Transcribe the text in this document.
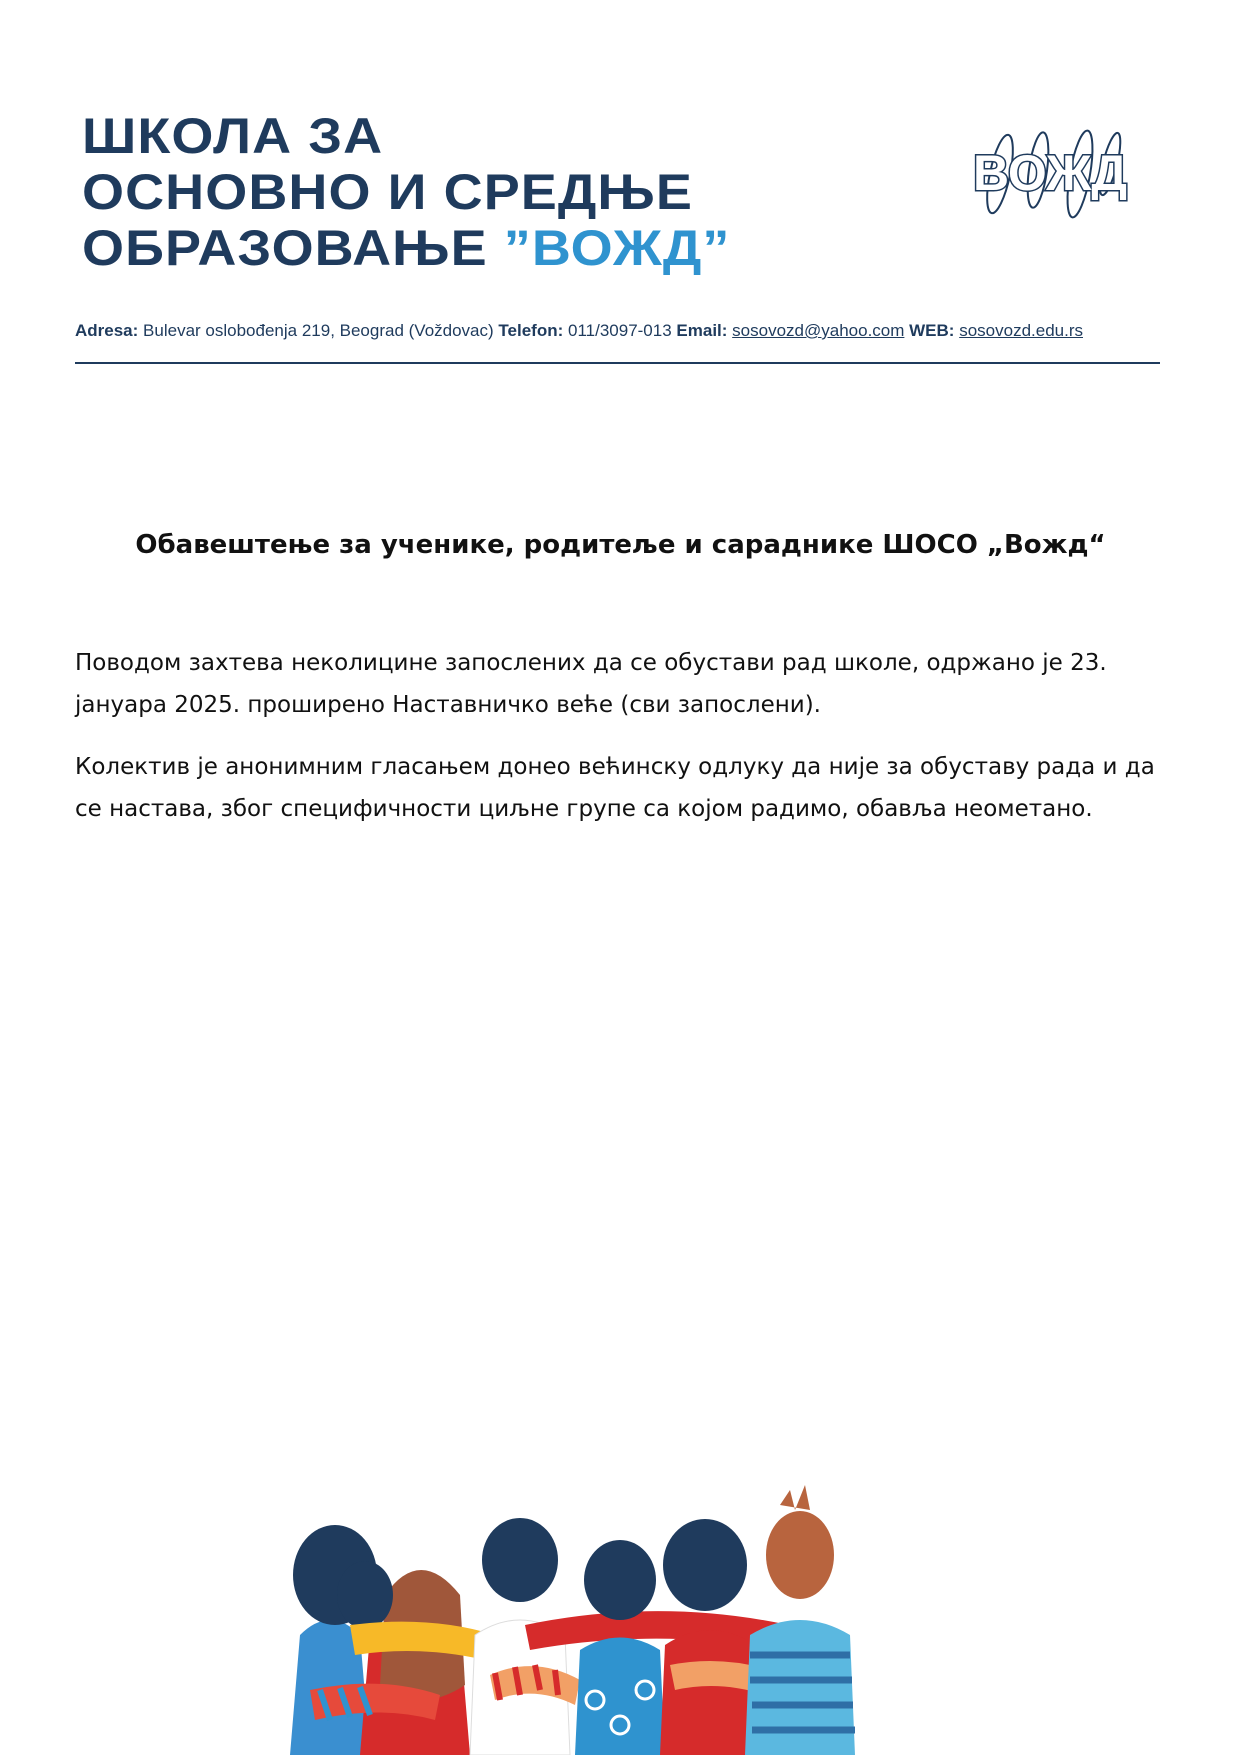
ШКОЛА ЗА
ОСНОВНО И СРЕДЊЕ
ОБРАЗОВАЊЕ ”ВОЖД”
ВОЖД
Adresa: Bulevar oslobođenja 219, Beograd (Voždovac) Telefon: 011/3097-013 Email: sosovozd@yahoo.com WEB: sosovozd.edu.rs
Обавештење за ученике, родитеље и сараднике ШОСО „Вожд“

Поводом захтева неколицине запослених да се обустави рад школе, одржано је 23. јануара 2025. проширено Наставничко веће (сви запослени).

Колектив је анонимним гласањем донео већинску одлуку да није за обуставу рада и да се настава, због специфичности циљне групе са којом радимо, обавља неометано.
